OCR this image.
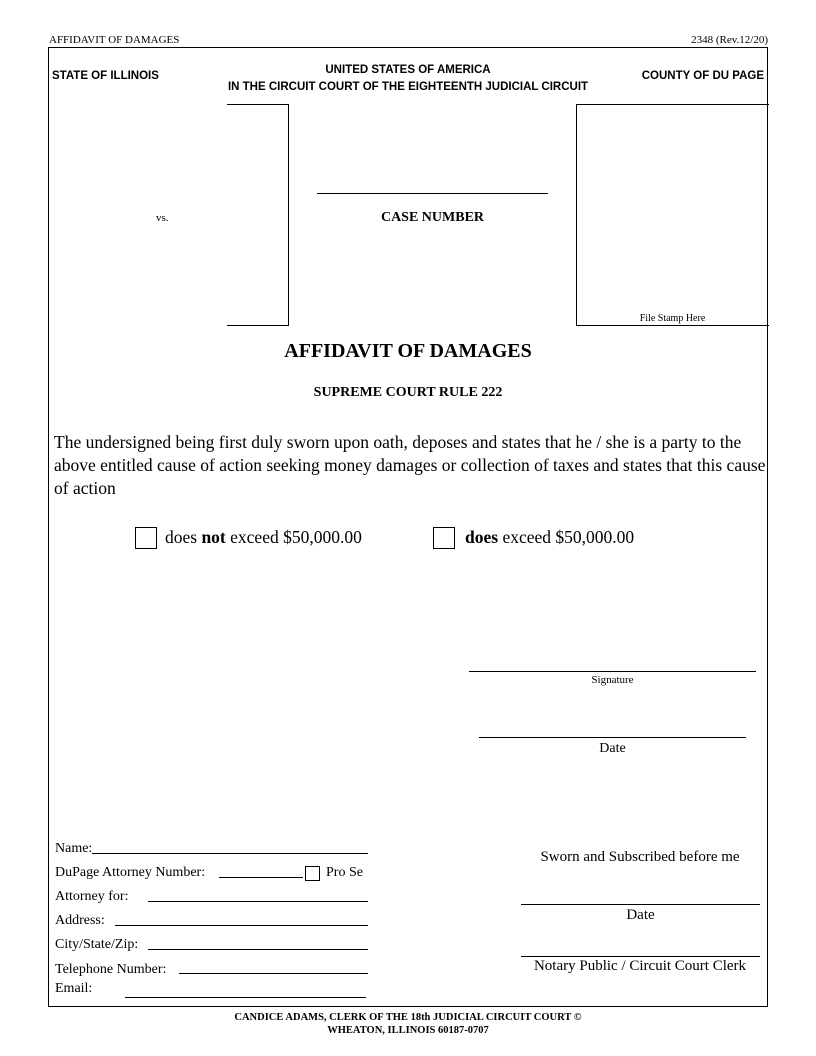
AFFIDAVIT OF DAMAGES	2348 (Rev.12/20)
STATE OF ILLINOIS	UNITED STATES OF AMERICA
IN THE CIRCUIT COURT OF THE EIGHTEENTH JUDICIAL CIRCUIT
COUNTY OF DU PAGE
vs.	CASE NUMBER
File Stamp Here
AFFIDAVIT OF DAMAGES
SUPREME COURT RULE 222
The undersigned being first duly sworn upon oath, deposes and states that he / she is a party to the above entitled cause of action seeking money damages or collection of taxes and states that this cause of action
does not exceed $50,000.00	does exceed $50,000.00
Signature
Date
Name:
DuPage Attorney Number:	Pro Se
Attorney for:
Address:
City/State/Zip:
Telephone Number:
Email:
Sworn and Subscribed before me
Date
Notary Public / Circuit Court Clerk
CANDICE ADAMS, CLERK OF THE 18th JUDICIAL CIRCUIT COURT ©
WHEATON, ILLINOIS 60187-0707
